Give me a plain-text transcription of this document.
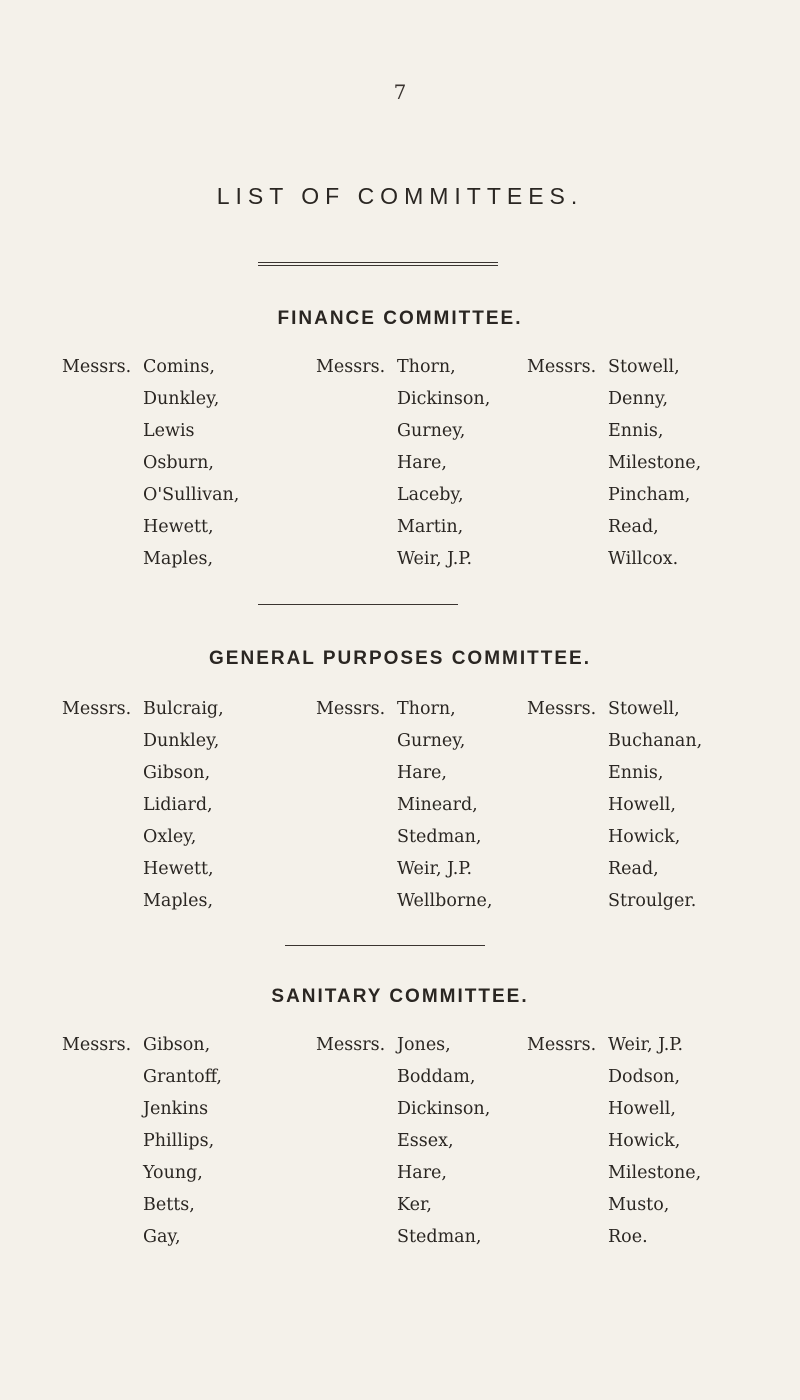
7
LIST OF COMMITTEES.
FINANCE COMMITTEE.
Messrs. Comins,	Messrs. Thorn,	Messrs. Stowell,
Dunkley,	Dickinson,	Denny,
Lewis	Gurney,	Ennis,
Osburn,	Hare,	Milestone,
O'Sullivan,	Laceby,	Pincham,
Hewett,	Martin,	Read,
Maples,	Weir, J.P.	Willcox.
GENERAL PURPOSES COMMITTEE.
Messrs. Bulcraig,	Messrs. Thorn,	Messrs. Stowell,
Dunkley,	Gurney,	Buchanan,
Gibson,	Hare,	Ennis,
Lidiard,	Mineard,	Howell,
Oxley,	Stedman,	Howick,
Hewett,	Weir, J.P.	Read,
Maples,	Wellborne,	Stroulger.
SANITARY COMMITTEE.
Messrs. Gibson,	Messrs. Jones,	Messrs. Weir, J.P.
Grantoff,	Boddam,	Dodson,
Jenkins	Dickinson,	Howell,
Phillips,	Essex,	Howick,
Young,	Hare,	Milestone,
Betts,	Ker,	Musto,
Gay,	Stedman,	Roe.
